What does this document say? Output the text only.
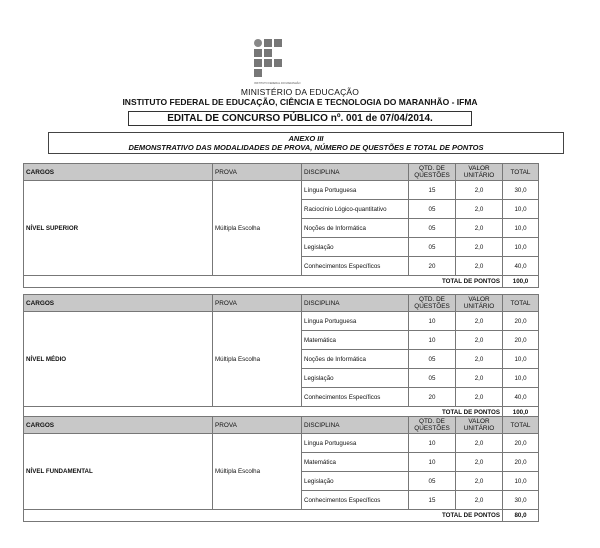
INSTITUTO FEDERAL DO MARANHÃO
MINISTÉRIO DA EDUCAÇÃO
INSTITUTO FEDERAL DE EDUCAÇÃO, CIÊNCIA E TECNOLOGIA DO MARANHÃO - IFMA
EDITAL DE CONCURSO PÚBLICO nº. 001 de 07/04/2014.
ANEXO III
DEMONSTRATIVO DAS MODALIDADES DE PROVA, NÚMERO DE QUESTÕES E TOTAL DE PONTOS
CARGOS	PROVA	DISCIPLINA	QTD. DE QUESTÕES	VALOR UNITÁRIO	TOTAL
NÍVEL SUPERIOR	Múltipla Escolha	Língua Portuguesa	15	2,0	30,0
		Raciocínio Lógico-quantitativo	05	2,0	10,0
		Noções de Informática	05	2,0	10,0
		Legislação	05	2,0	10,0
		Conhecimentos Específicos	20	2,0	40,0
TOTAL DE PONTOS					100,0
CARGOS	PROVA	DISCIPLINA	QTD. DE QUESTÕES	VALOR UNITÁRIO	TOTAL
NÍVEL MÉDIO	Múltipla Escolha	Língua Portuguesa	10	2,0	20,0
		Matemática	10	2,0	20,0
		Noções de Informática	05	2,0	10,0
		Legislação	05	2,0	10,0
		Conhecimentos Específicos	20	2,0	40,0
TOTAL DE PONTOS					100,0
CARGOS	PROVA	DISCIPLINA	QTD. DE QUESTÕES	VALOR UNITÁRIO	TOTAL
NÍVEL FUNDAMENTAL	Múltipla Escolha	Língua Portuguesa	10	2,0	20,0
		Matemática	10	2,0	20,0
		Legislação	05	2,0	10,0
		Conhecimentos Específicos	15	2,0	30,0
TOTAL DE PONTOS					80,0
